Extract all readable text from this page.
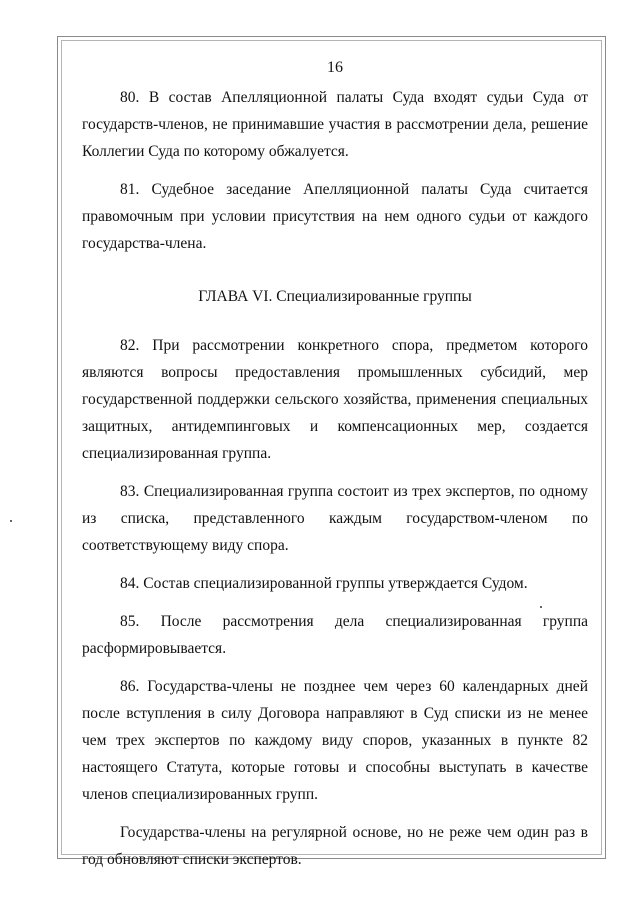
16

80. В состав Апелляционной палаты Суда входят судьи Суда от государств-членов, не принимавшие участия в рассмотрении дела, решение Коллегии Суда по которому обжалуется.

81. Судебное заседание Апелляционной палаты Суда считается правомочным при условии присутствия на нем одного судьи от каждого государства-члена.

ГЛАВА VI. Специализированные группы

82. При рассмотрении конкретного спора, предметом которого являются вопросы предоставления промышленных субсидий, мер государственной поддержки сельского хозяйства, применения специальных защитных, антидемпинговых и компенсационных мер, создается специализированная группа.

83. Специализированная группа состоит из трех экспертов, по одному из списка, представленного каждым государством-членом по соответствующему виду спора.

84. Состав специализированной группы утверждается Судом.

85. После рассмотрения дела специализированная группа расформировывается.

86. Государства-члены не позднее чем через 60 календарных дней после вступления в силу Договора направляют в Суд списки из не менее чем трех экспертов по каждому виду споров, указанных в пункте 82 настоящего Статута, которые готовы и способны выступать в качестве членов специализированных групп.

Государства-члены на регулярной основе, но не реже чем один раз в год обновляют списки экспертов.
